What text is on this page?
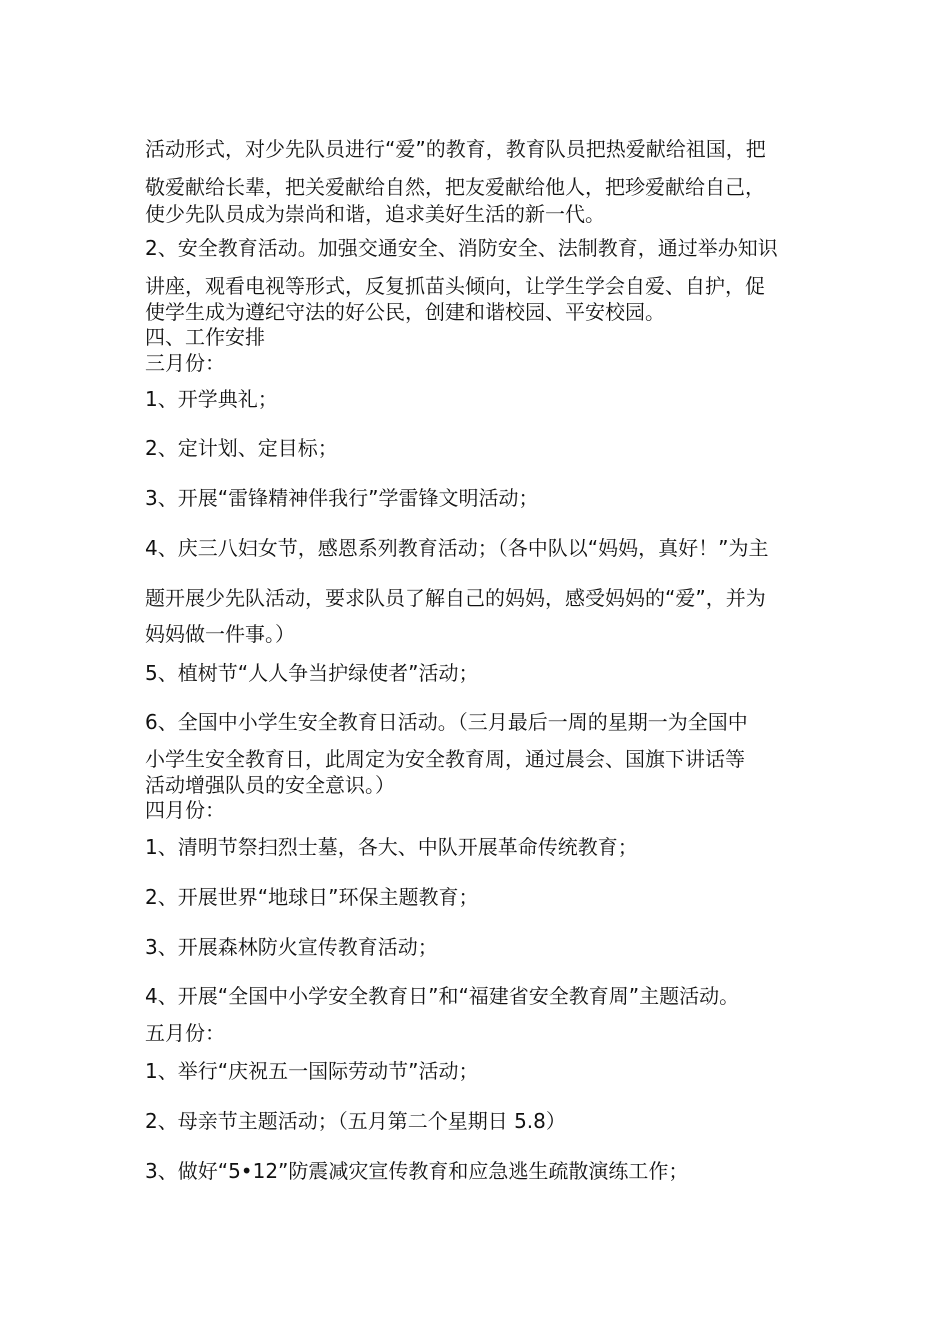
活动形式，对少先队员进行“爱”的教育，教育队员把热爱献给祖国，把

敬爱献给长辈，把关爱献给自然，把友爱献给他人，把珍爱献给自己，

使少先队员成为崇尚和谐，追求美好生活的新一代。

2、安全教育活动。加强交通安全、消防安全、法制教育，通过举办知识

讲座，观看电视等形式，反复抓苗头倾向，让学生学会自爱、自护，促

使学生成为遵纪守法的好公民，创建和谐校园、平安校园。

四、工作安排

三月份：

1、开学典礼；

2、定计划、定目标；

3、开展“雷锋精神伴我行”学雷锋文明活动；

4、庆三八妇女节，感恩系列教育活动；（各中队以“妈妈，真好！”为主

题开展少先队活动，要求队员了解自己的妈妈，感受妈妈的“爱”，并为

妈妈做一件事。）

5、植树节“人人争当护绿使者”活动；

6、全国中小学生安全教育日活动。（三月最后一周的星期一为全国中

小学生安全教育日，此周定为安全教育周，通过晨会、国旗下讲话等

活动增强队员的安全意识。）

四月份：

1、清明节祭扫烈士墓，各大、中队开展革命传统教育；

2、开展世界“地球日”环保主题教育；

3、开展森林防火宣传教育活动；

4、开展“全国中小学安全教育日”和“福建省安全教育周”主题活动。

五月份：

1、举行“庆祝五一国际劳动节”活动；

2、母亲节主题活动；（五月第二个星期日 5.8）

3、做好“5•12”防震减灾宣传教育和应急逃生疏散演练工作；
